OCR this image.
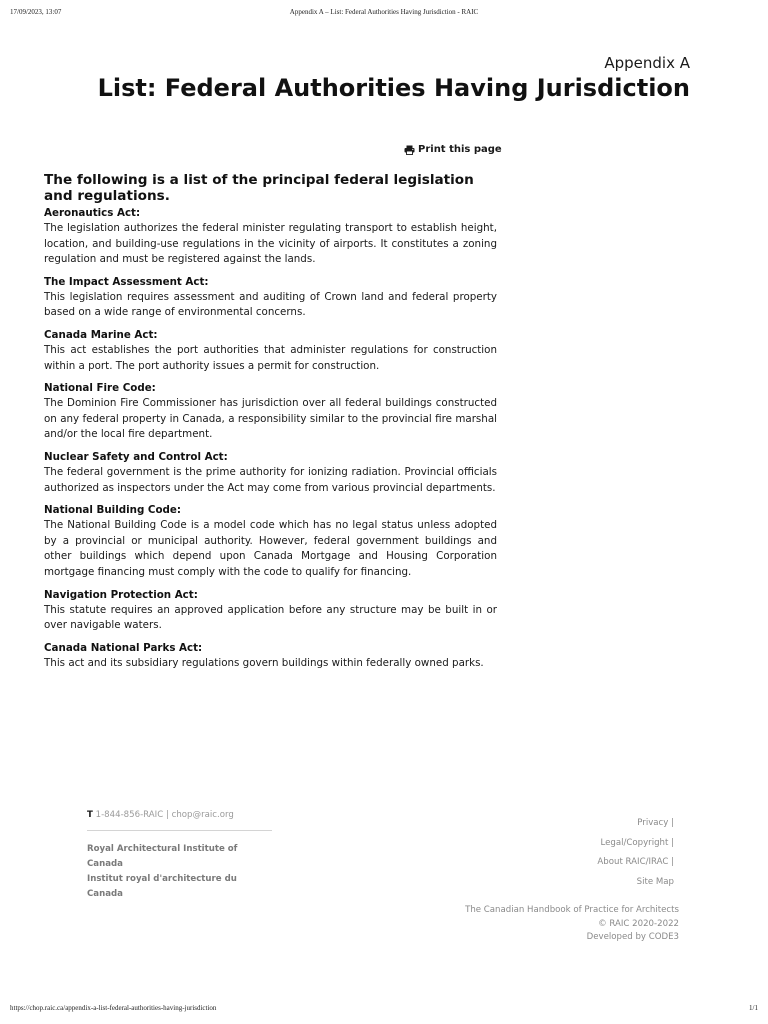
17/09/2023, 13:07	Appendix A – List: Federal Authorities Having Jurisdiction - RAIC
Appendix A
List: Federal Authorities Having Jurisdiction
Print this page

The following is a list of the principal federal legislation and regulations.

Aeronautics Act:

The legislation authorizes the federal minister regulating transport to establish height, location, and building-use regulations in the vicinity of airports. It constitutes a zoning regulation and must be registered against the lands.

The Impact Assessment Act:

This legislation requires assessment and auditing of Crown land and federal property based on a wide range of environmental concerns.

Canada Marine Act:

This act establishes the port authorities that administer regulations for construction within a port. The port authority issues a permit for construction.

National Fire Code:

The Dominion Fire Commissioner has jurisdiction over all federal buildings constructed on any federal property in Canada, a responsibility similar to the provincial fire marshal and/or the local fire department.

Nuclear Safety and Control Act:

The federal government is the prime authority for ionizing radiation. Provincial officials authorized as inspectors under the Act may come from various provincial departments.

National Building Code:

The National Building Code is a model code which has no legal status unless adopted by a provincial or municipal authority. However, federal government buildings and other buildings which depend upon Canada Mortgage and Housing Corporation mortgage financing must comply with the code to qualify for financing.

Navigation Protection Act:

This statute requires an approved application before any structure may be built in or over navigable waters.

Canada National Parks Act:

This act and its subsidiary regulations govern buildings within federally owned parks.

T 1-844-856-RAIC | chop@raic.org
Royal Architectural Institute of Canada
Institut royal d'architecture du Canada
Privacy |
Legal/Copyright |
About RAIC/IRAC |
Site Map
The Canadian Handbook of Practice for Architects
© RAIC 2020-2022
Developed by CODE3
https://chop.raic.ca/appendix-a-list-federal-authorities-having-jurisdiction	1/1
